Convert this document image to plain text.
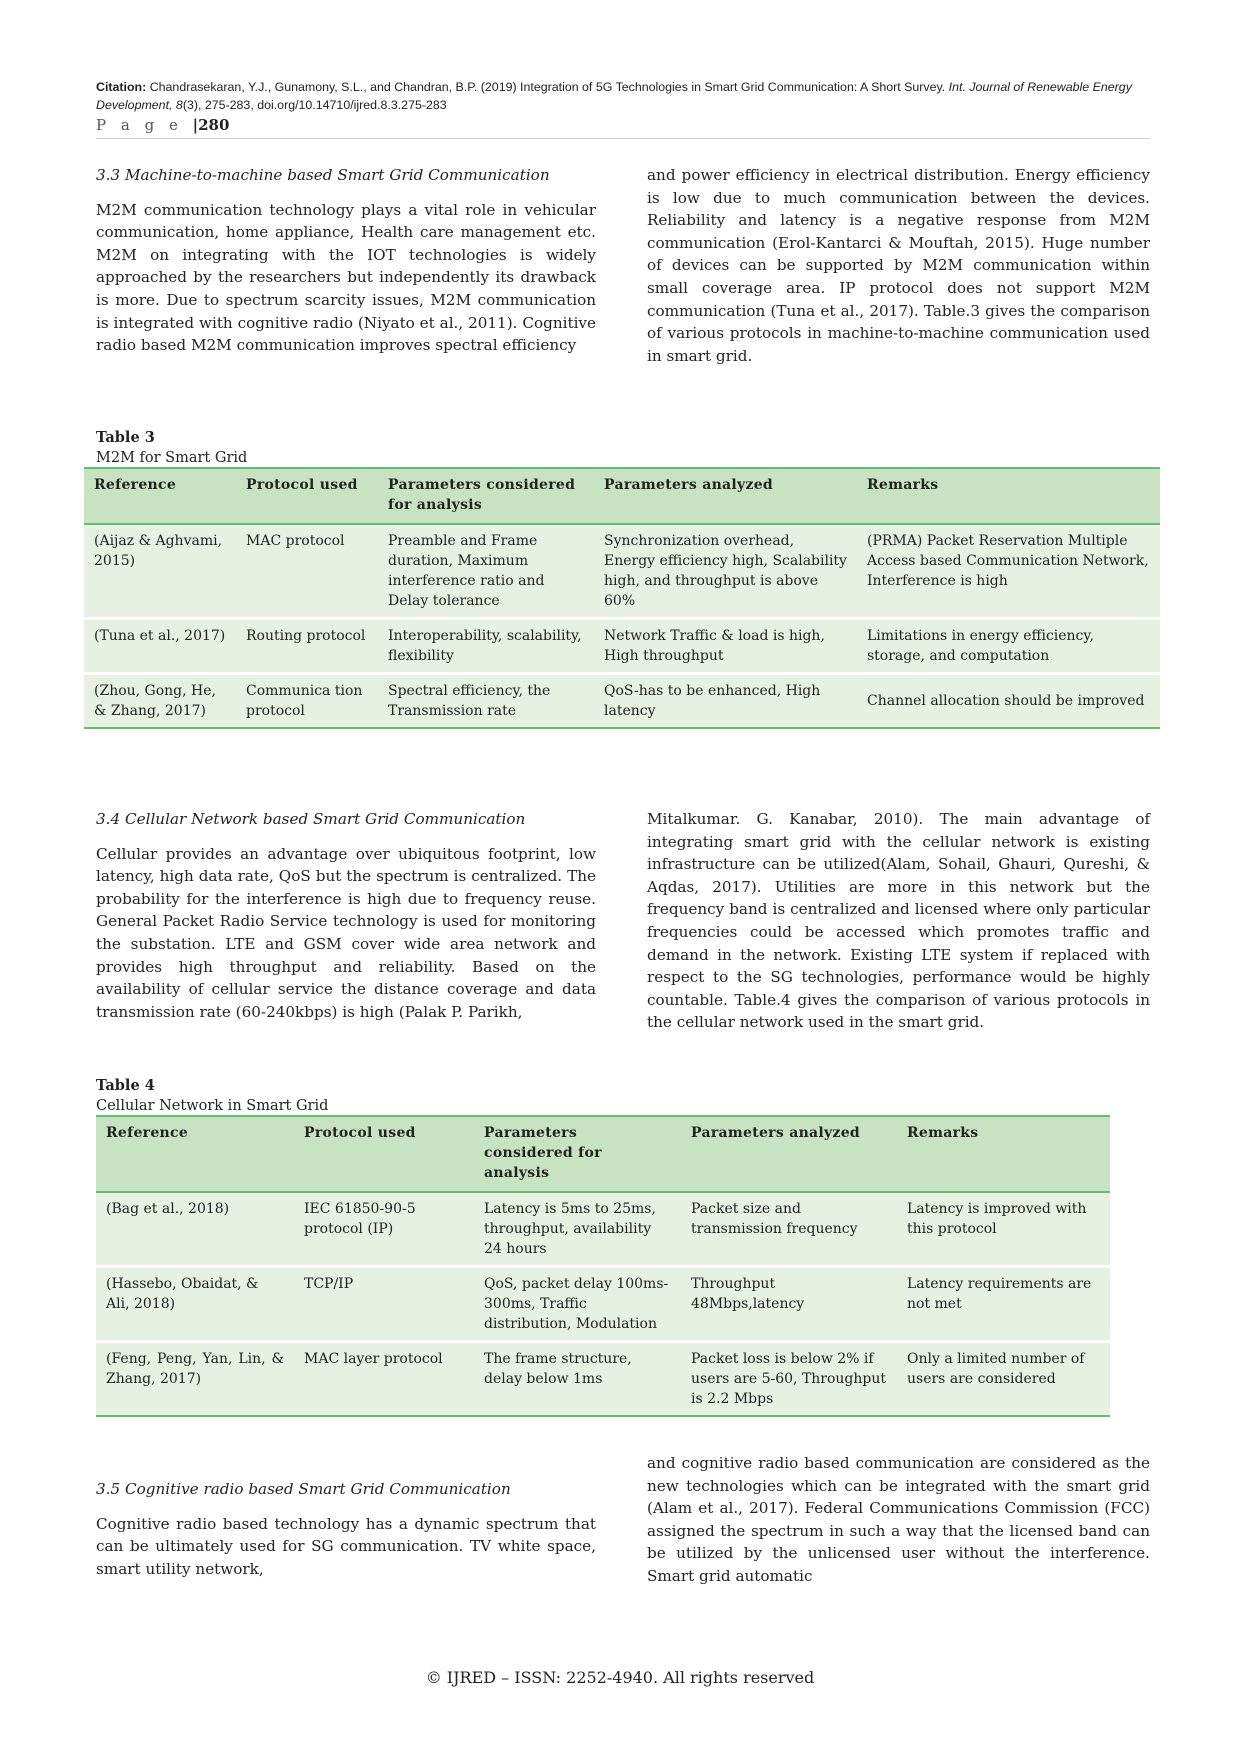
Citation: Chandrasekaran, Y.J., Gunamony, S.L., and Chandran, B.P. (2019) Integration of 5G Technologies in Smart Grid Communication: A Short Survey. Int. Journal of Renewable Energy Development, 8(3), 275-283, doi.org/10.14710/ijred.8.3.275-283
P a g e |280

3.3 Machine-to-machine based Smart Grid Communication

M2M communication technology plays a vital role in vehicular communication, home appliance, Health care management etc. M2M on integrating with the IOT technologies is widely approached by the researchers but independently its drawback is more. Due to spectrum scarcity issues, M2M communication is integrated with cognitive radio (Niyato et al., 2011). Cognitive radio based M2M communication improves spectral efficiency

and power efficiency in electrical distribution. Energy efficiency is low due to much communication between the devices. Reliability and latency is a negative response from M2M communication (Erol-Kantarci & Mouftah, 2015). Huge number of devices can be supported by M2M communication within small coverage area. IP protocol does not support M2M communication (Tuna et al., 2017). Table.3 gives the comparison of various protocols in machine-to-machine communication used in smart grid.

Table 3
M2M for Smart Grid
Reference	Protocol used	Parameters considered for analysis	Parameters analyzed	Remarks
(Aijaz & Aghvami, 2015)	MAC protocol	Preamble and Frame duration, Maximum interference ratio and Delay tolerance	Synchronization overhead, Energy efficiency high, Scalability high, and throughput is above 60%	(PRMA) Packet Reservation Multiple Access based Communication Network, Interference is high
(Tuna et al., 2017)	Routing protocol	Interoperability, scalability, flexibility	Network Traffic & load is high, High throughput	Limitations in energy efficiency, storage, and computation
(Zhou, Gong, He, & Zhang, 2017)	Communica tion protocol	Spectral efficiency, the Transmission rate	QoS-has to be enhanced, High latency	Channel allocation should be improved

3.4 Cellular Network based Smart Grid Communication

Cellular provides an advantage over ubiquitous footprint, low latency, high data rate, QoS but the spectrum is centralized. The probability for the interference is high due to frequency reuse. General Packet Radio Service technology is used for monitoring the substation. LTE and GSM cover wide area network and provides high throughput and reliability. Based on the availability of cellular service the distance coverage and data transmission rate (60-240kbps) is high (Palak P. Parikh,

Mitalkumar. G. Kanabar, 2010). The main advantage of integrating smart grid with the cellular network is existing infrastructure can be utilized(Alam, Sohail, Ghauri, Qureshi, & Aqdas, 2017). Utilities are more in this network but the frequency band is centralized and licensed where only particular frequencies could be accessed which promotes traffic and demand in the network. Existing LTE system if replaced with respect to the SG technologies, performance would be highly countable. Table.4 gives the comparison of various protocols in the cellular network used in the smart grid.

Table 4
Cellular Network in Smart Grid
Reference	Protocol used	Parameters considered for analysis	Parameters analyzed	Remarks
(Bag et al., 2018)	IEC 61850-90-5 protocol (IP)	Latency is 5ms to 25ms, throughput, availability 24 hours	Packet size and transmission frequency	Latency is improved with this protocol
(Hassebo, Obaidat, & Ali, 2018)	TCP/IP	QoS, packet delay 100ms-300ms, Traffic distribution, Modulation	Throughput 48Mbps,latency	Latency requirements are not met
(Feng, Peng, Yan, Lin, & Zhang, 2017)	MAC layer protocol	The frame structure, delay below 1ms	Packet loss is below 2% if users are 5-60, Throughput is 2.2 Mbps	Only a limited number of users are considered

3.5 Cognitive radio based Smart Grid Communication

Cognitive radio based technology has a dynamic spectrum that can be ultimately used for SG communication. TV white space, smart utility network,

and cognitive radio based communication are considered as the new technologies which can be integrated with the smart grid (Alam et al., 2017). Federal Communications Commission (FCC) assigned the spectrum in such a way that the licensed band can be utilized by the unlicensed user without the interference. Smart grid automatic

© IJRED – ISSN: 2252-4940. All rights reserved
